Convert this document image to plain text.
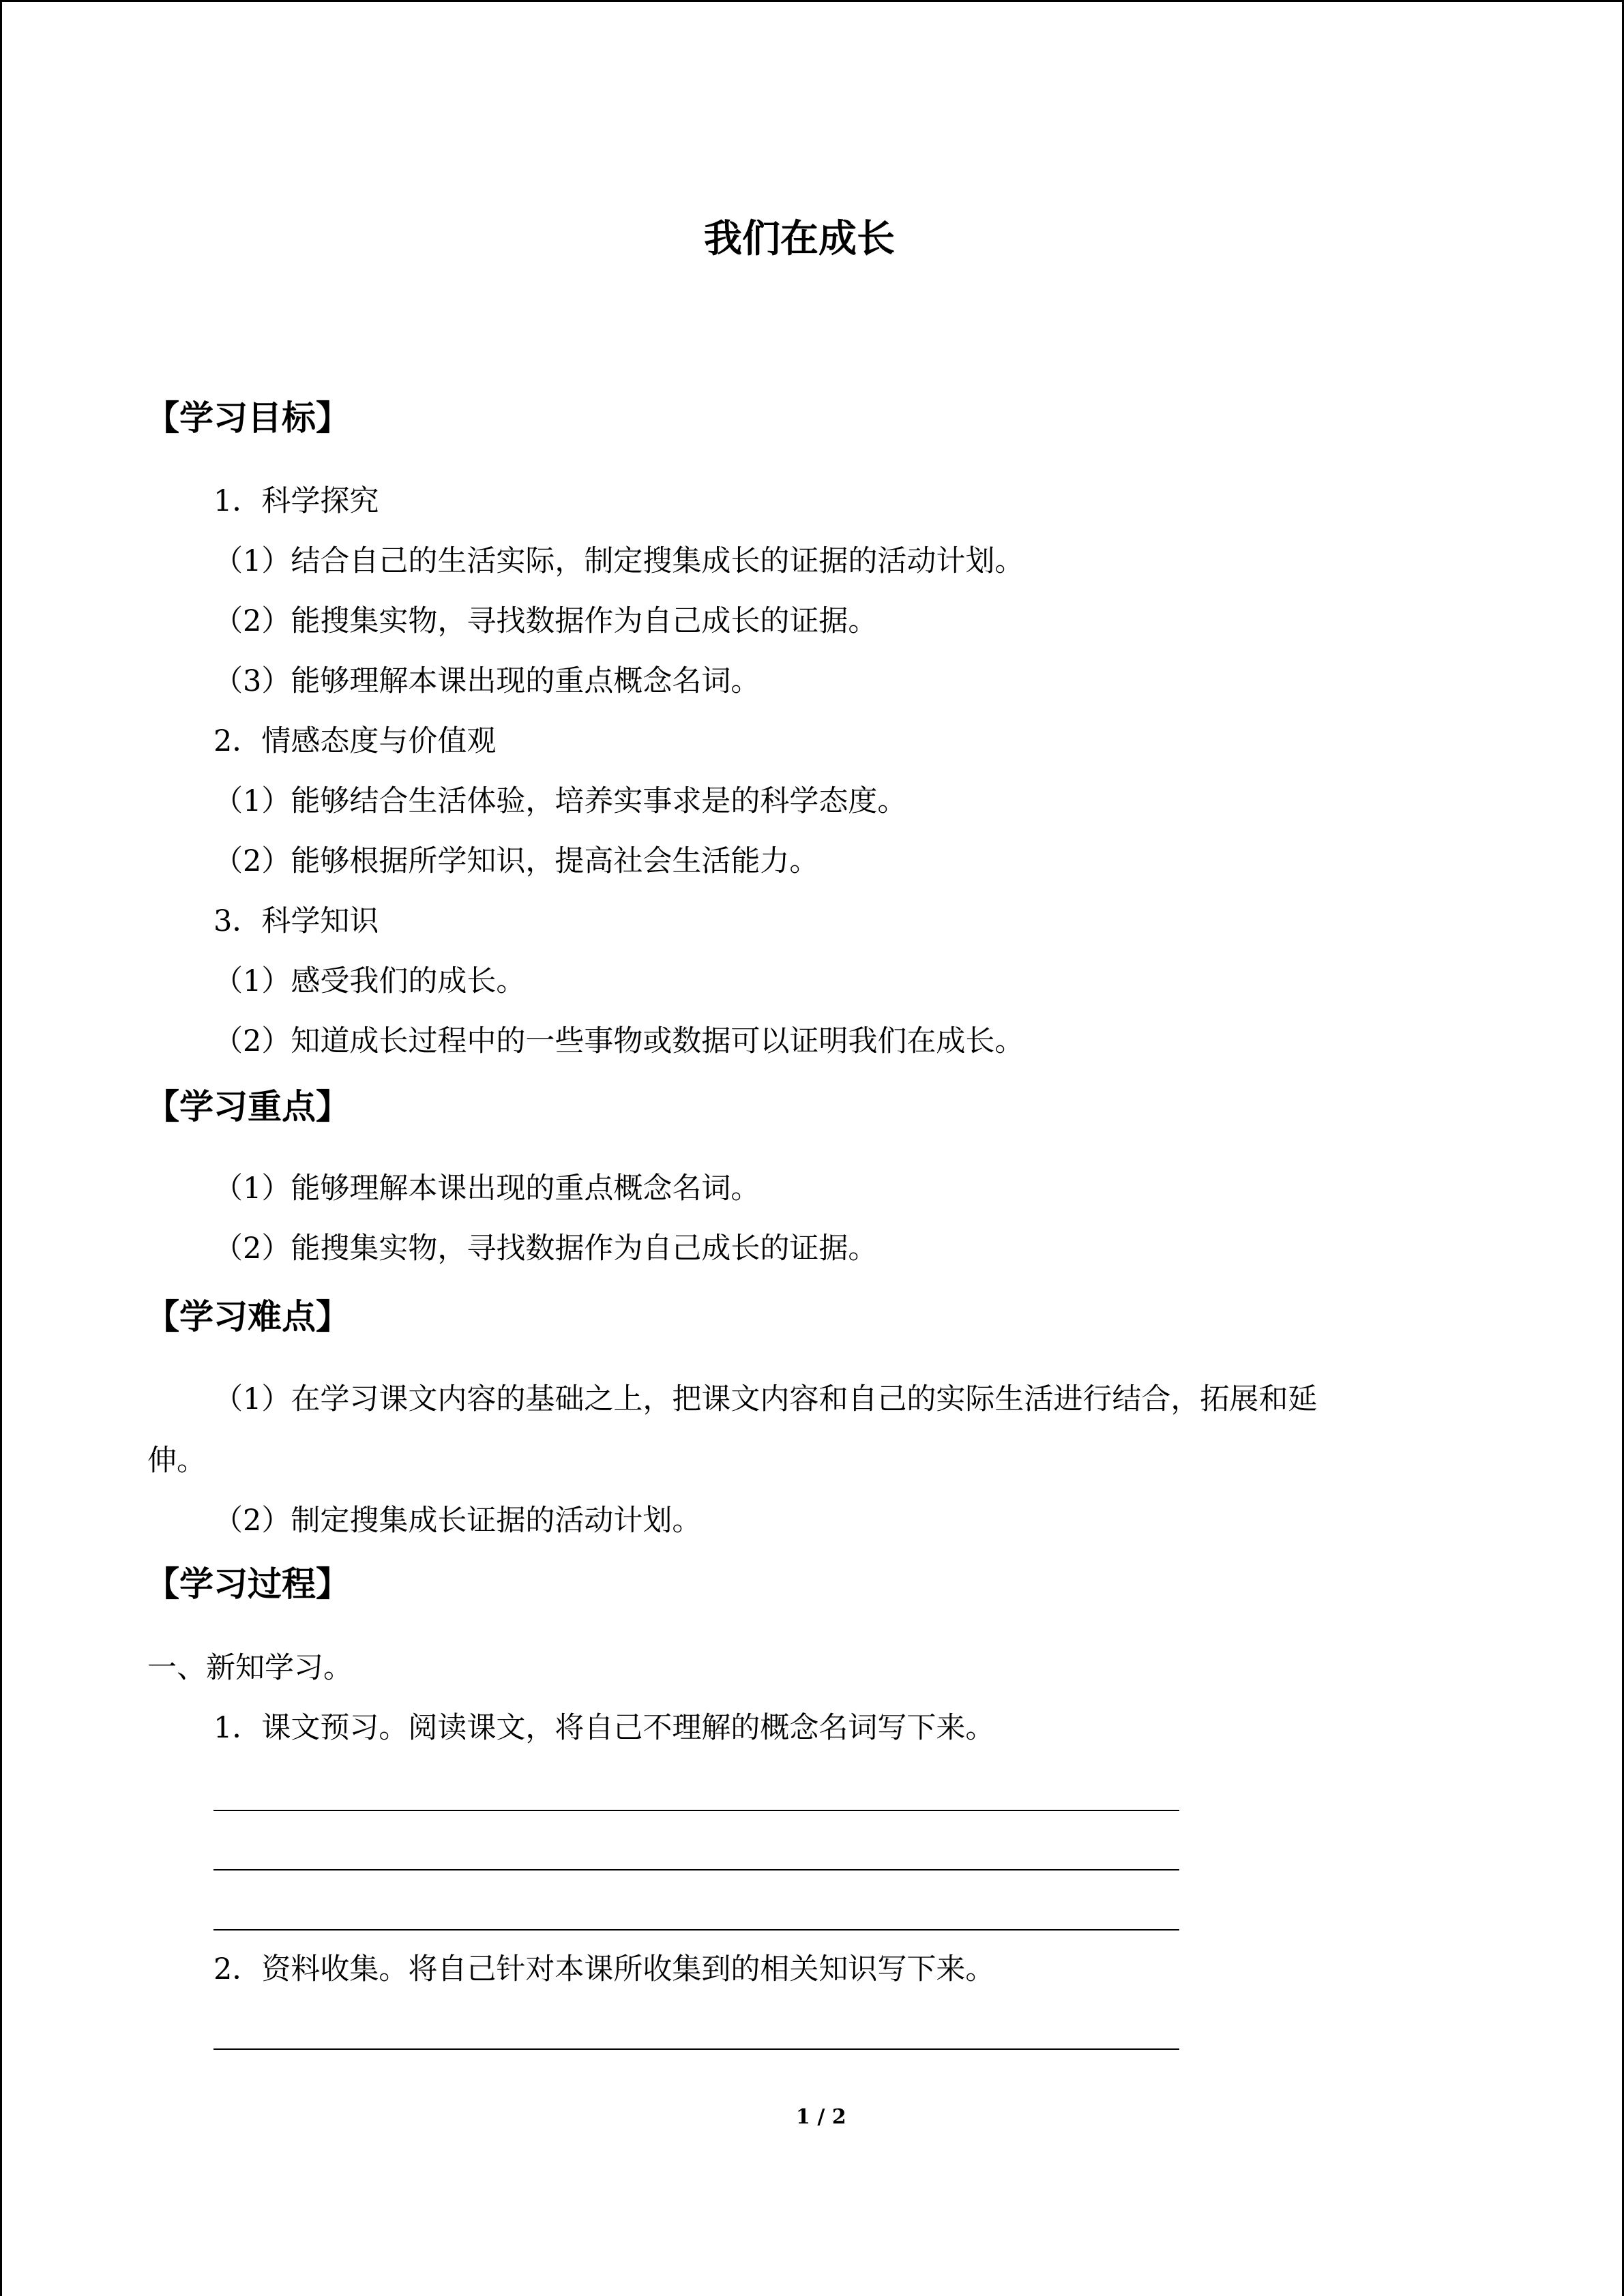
我们在成长
【学习目标】
1．科学探究
（1）结合自己的生活实际，制定搜集成长的证据的活动计划。
（2）能搜集实物，寻找数据作为自己成长的证据。
（3）能够理解本课出现的重点概念名词。
2．情感态度与价值观
（1）能够结合生活体验，培养实事求是的科学态度。
（2）能够根据所学知识，提高社会生活能力。
3．科学知识
（1）感受我们的成长。
（2）知道成长过程中的一些事物或数据可以证明我们在成长。
【学习重点】
（1）能够理解本课出现的重点概念名词。
（2）能搜集实物，寻找数据作为自己成长的证据。
【学习难点】
（1）在学习课文内容的基础之上，把课文内容和自己的实际生活进行结合，拓展和延
伸。
（2）制定搜集成长证据的活动计划。
【学习过程】
一、新知学习。
1．课文预习。阅读课文，将自己不理解的概念名词写下来。
2．资料收集。将自己针对本课所收集到的相关知识写下来。
1 / 2
